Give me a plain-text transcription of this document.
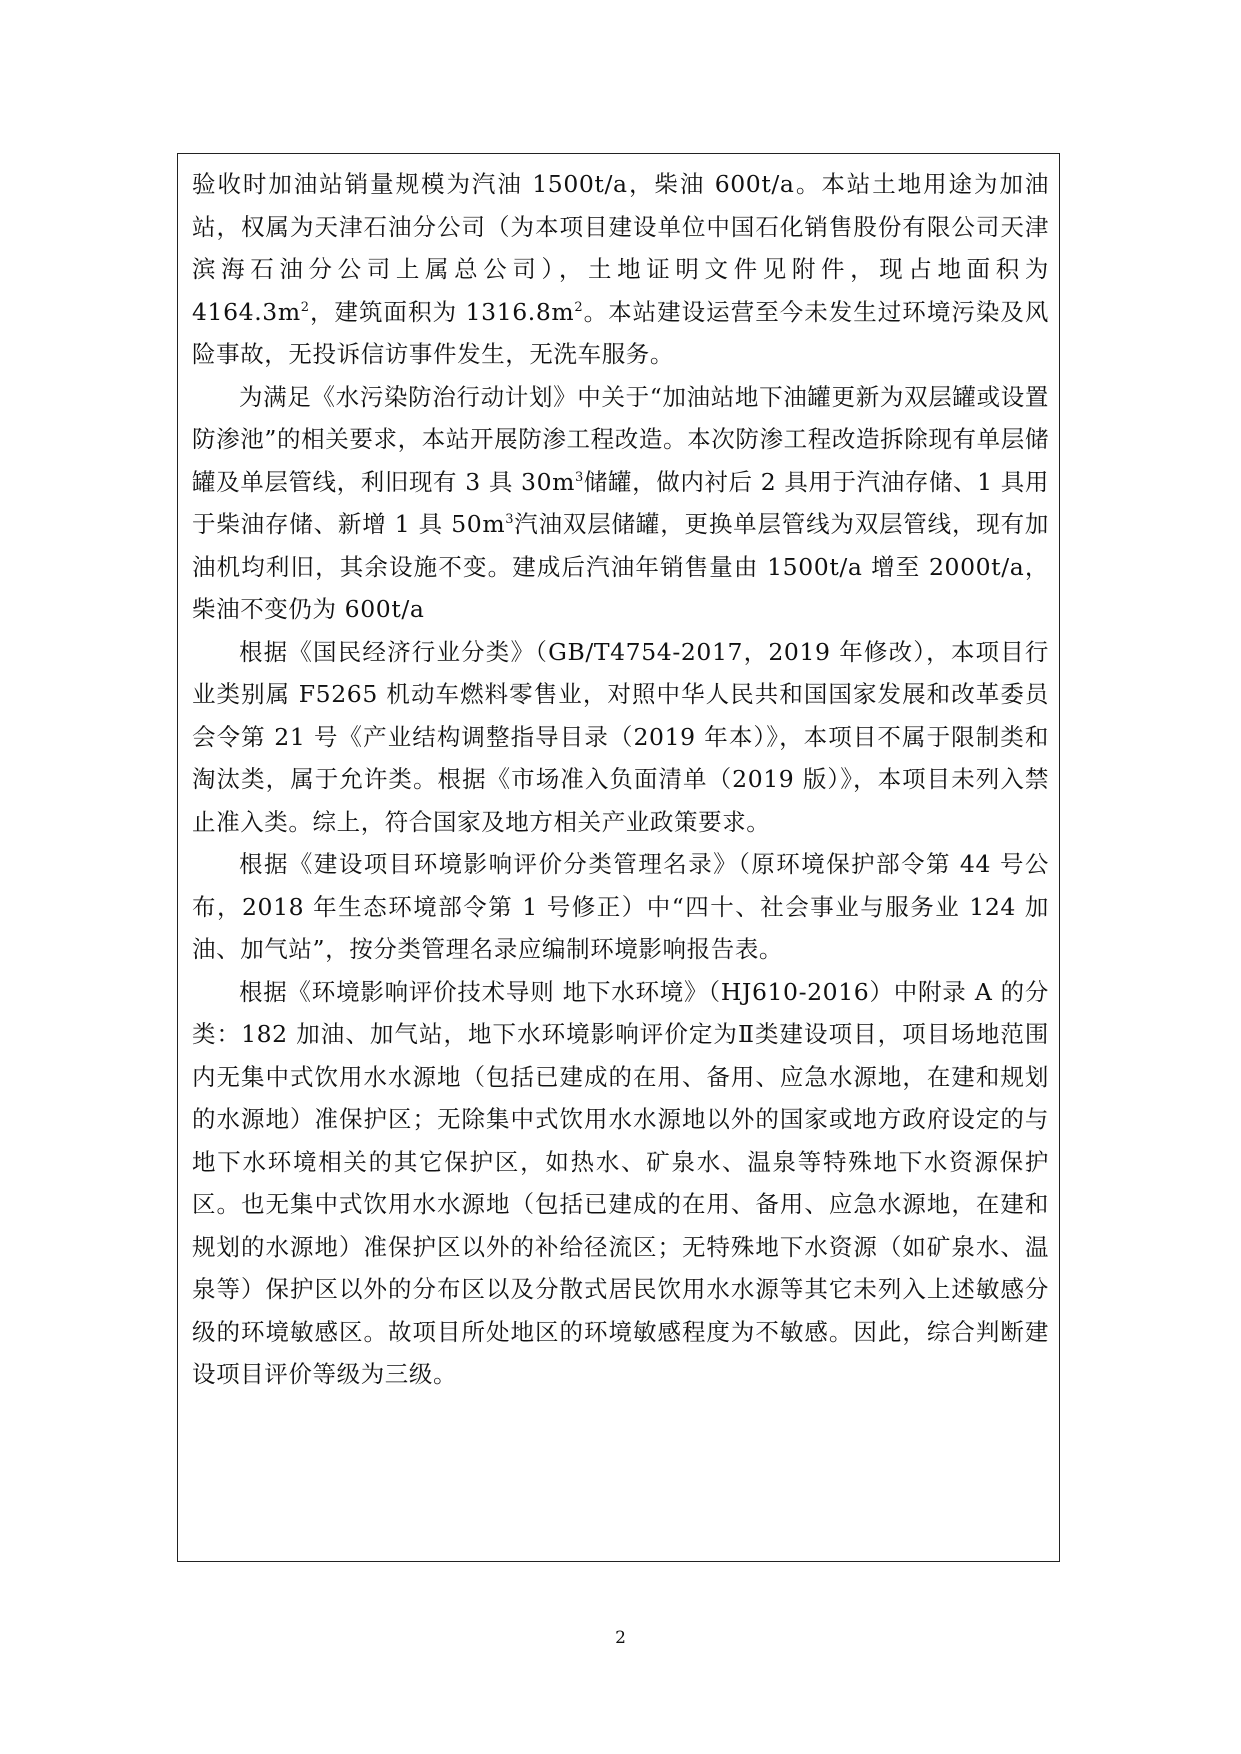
验收时加油站销量规模为汽油 1500t/a，柴油 600t/a。本站土地用途为加油站，权属为天津石油分公司（为本项目建设单位中国石化销售股份有限公司天津滨海石油分公司上属总公司），土地证明文件见附件，现占地面积为 $4164.3m^2$，建筑面积为 $1316.8m^2$。本站建设运营至今未发生过环境污染及风险事故，无投诉信访事件发生，无洗车服务。

为满足《水污染防治行动计划》中关于“加油站地下油罐更新为双层罐或设置防渗池”的相关要求，本站开展防渗工程改造。本次防渗工程改造拆除现有单层储罐及单层管线，利旧现有 3 具 $30m^3$储罐，做内衬后 2 具用于汽油存储、1 具用于柴油存储、新增 1 具 $50m^3$汽油双层储罐，更换单层管线为双层管线，现有加油机均利旧，其余设施不变。建成后汽油年销售量由 1500t/a 增至 2000t/a，柴油不变仍为 600t/a

根据《国民经济行业分类》（GB/T4754-2017，2019 年修改），本项目行业类别属 F5265 机动车燃料零售业，对照中华人民共和国国家发展和改革委员会令第 21 号《产业结构调整指导目录（2019 年本）》，本项目不属于限制类和淘汰类，属于允许类。根据《市场准入负面清单（2019 版）》，本项目未列入禁止准入类。综上，符合国家及地方相关产业政策要求。

根据《建设项目环境影响评价分类管理名录》（原环境保护部令第 44 号公布，2018 年生态环境部令第 1 号修正）中“四十、社会事业与服务业 124 加油、加气站”，按分类管理名录应编制环境影响报告表。

根据《环境影响评价技术导则 地下水环境》（HJ610-2016）中附录 A 的分类：182 加油、加气站，地下水环境影响评价定为Ⅱ类建设项目，项目场地范围内无集中式饮用水水源地（包括已建成的在用、备用、应急水源地，在建和规划的水源地）准保护区；无除集中式饮用水水源地以外的国家或地方政府设定的与地下水环境相关的其它保护区，如热水、矿泉水、温泉等特殊地下水资源保护区。也无集中式饮用水水源地（包括已建成的在用、备用、应急水源地，在建和规划的水源地）准保护区以外的补给径流区；无特殊地下水资源（如矿泉水、温泉等）保护区以外的分布区以及分散式居民饮用水水源等其它未列入上述敏感分级的环境敏感区。故项目所处地区的环境敏感程度为不敏感。因此，综合判断建设项目评价等级为三级。

2
